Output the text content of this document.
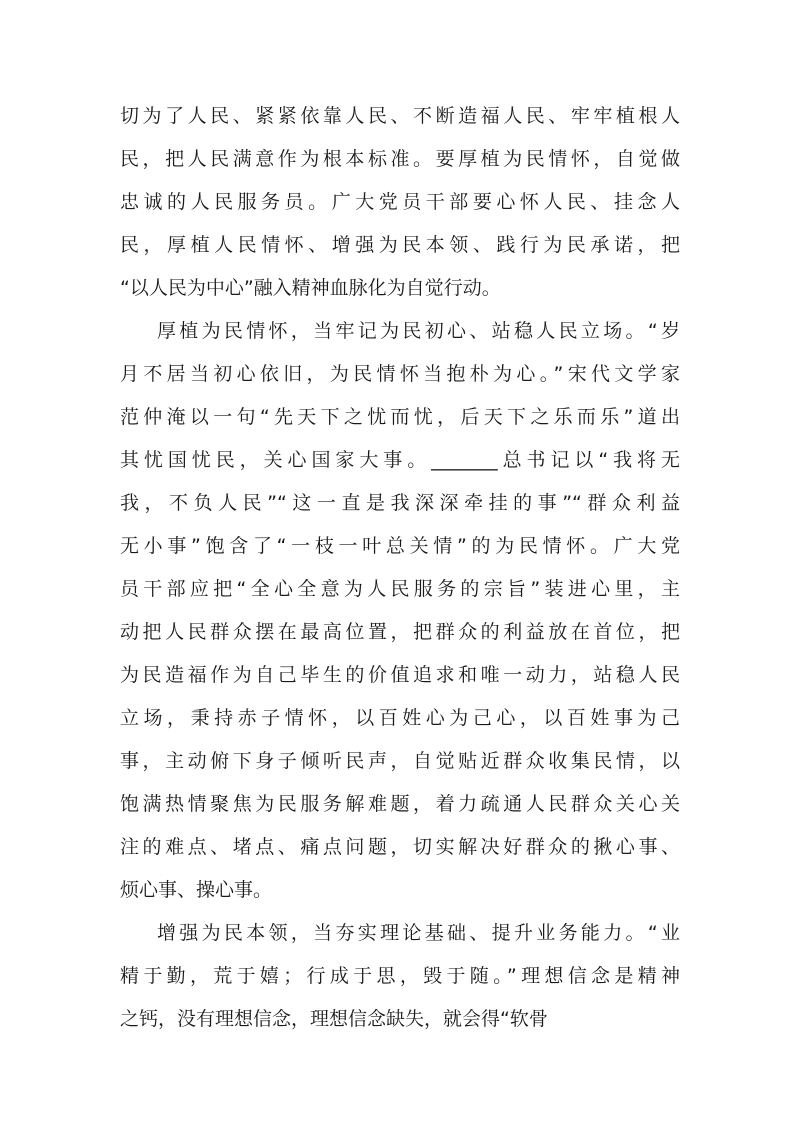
切为了人民、紧紧依靠人民、不断造福人民、牢牢植根人
民，把人民满意作为根本标准。要厚植为民情怀，自觉做
忠诚的人民服务员。广大党员干部要心怀人民、挂念人
民，厚植人民情怀、增强为民本领、践行为民承诺，把
“以人民为中心”融入精神血脉化为自觉行动。
厚植为民情怀，当牢记为民初心、站稳人民立场。“岁
月不居当初心依旧，为民情怀当抱朴为心。”宋代文学家
范仲淹以一句“先天下之忧而忧，后天下之乐而乐”道出
其忧国忧民，关心国家大事。_______总书记以“我将无
我，不负人民”“这一直是我深深牵挂的事”“群众利益
无小事”饱含了“一枝一叶总关情”的为民情怀。广大党
员干部应把“全心全意为人民服务的宗旨”装进心里，主
动把人民群众摆在最高位置，把群众的利益放在首位，把
为民造福作为自己毕生的价值追求和唯一动力，站稳人民
立场，秉持赤子情怀，以百姓心为己心，以百姓事为己
事，主动俯下身子倾听民声，自觉贴近群众收集民情，以
饱满热情聚焦为民服务解难题，着力疏通人民群众关心关
注的难点、堵点、痛点问题，切实解决好群众的揪心事、
烦心事、操心事。
增强为民本领，当夯实理论基础、提升业务能力。“业
精于勤，荒于嬉；行成于思，毁于随。”理想信念是精神
之钙，没有理想信念，理想信念缺失，就会得“软骨
